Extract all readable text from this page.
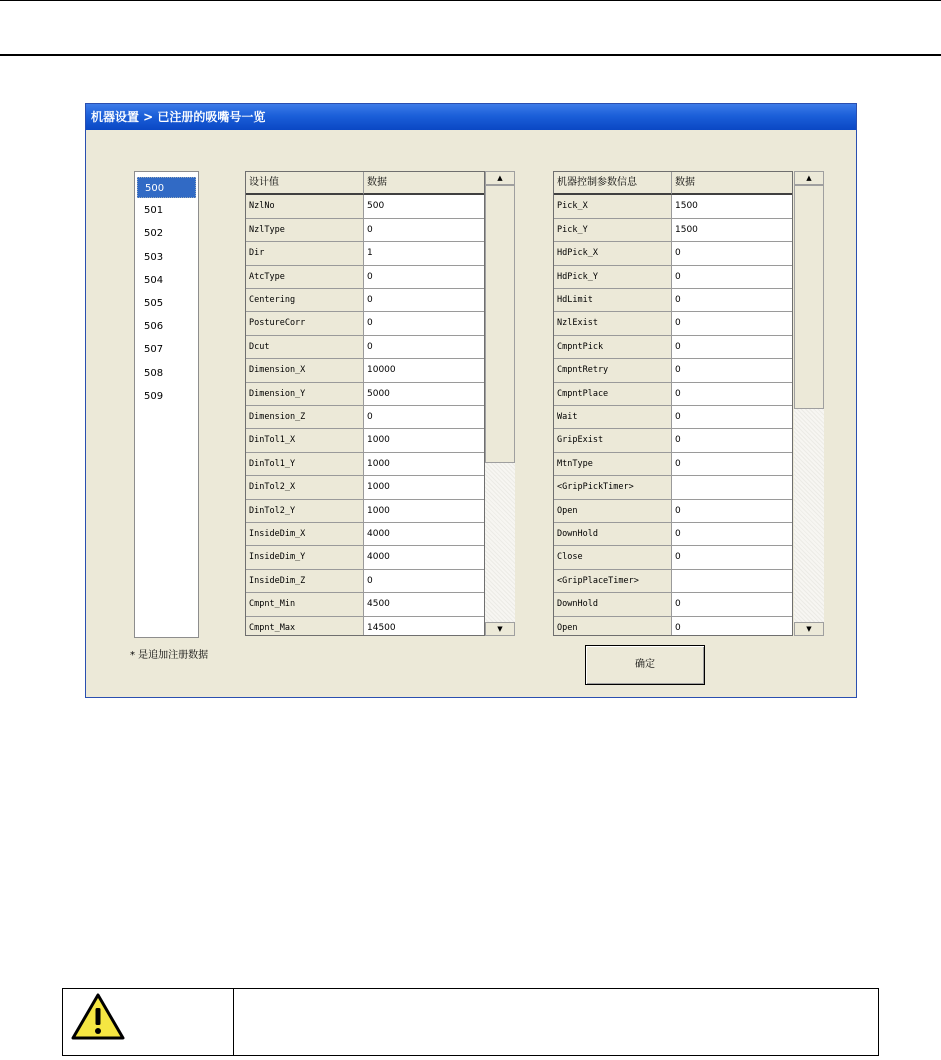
机器设置 > 已注册的吸嘴号一览
500
501
502
503
504
505
506
507
508
509
* 是追加注册数据
设计值	数据
NzlNo	500
NzlType	0
Dir	1
AtcType	0
Centering	0
PostureCorr	0
Dcut	0
Dimension_X	10000
Dimension_Y	5000
Dimension_Z	0
DinTol1_X	1000
DinTol1_Y	1000
DinTol2_X	1000
DinTol2_Y	1000
InsideDim_X	4000
InsideDim_Y	4000
InsideDim_Z	0
Cmpnt_Min	4500
Cmpnt_Max	14500
▲
▼
机器控制参数信息	数据
Pick_X	1500
Pick_Y	1500
HdPick_X	0
HdPick_Y	0
HdLimit	0
NzlExist	0
CmpntPick	0
CmpntRetry	0
CmpntPlace	0
Wait	0
GripExist	0
MtnType	0
<GripPickTimer>
Open	0
DownHold	0
Close	0
<GripPlaceTimer>
DownHold	0
Open	0
▲
▼
确定
